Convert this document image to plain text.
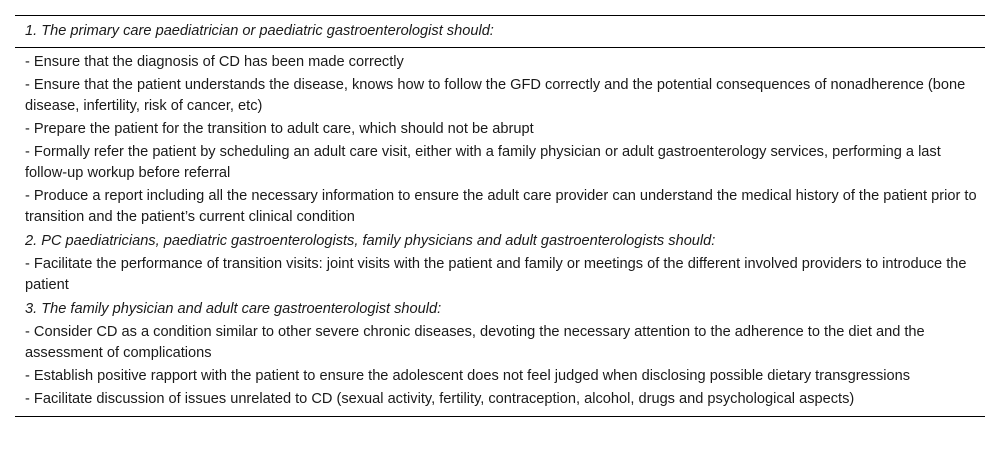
1. The primary care paediatrician or paediatric gastroenterologist should:
- Ensure that the diagnosis of CD has been made correctly
- Ensure that the patient understands the disease, knows how to follow the GFD correctly and the potential consequences of nonadherence (bone disease, infertility, risk of cancer, etc)
- Prepare the patient for the transition to adult care, which should not be abrupt
- Formally refer the patient by scheduling an adult care visit, either with a family physician or adult gastroenterology services, performing a last follow-up workup before referral
- Produce a report including all the necessary information to ensure the adult care provider can understand the medical history of the patient prior to transition and the patient’s current clinical condition
2. PC paediatricians, paediatric gastroenterologists, family physicians and adult gastroenterologists should:
- Facilitate the performance of transition visits: joint visits with the patient and family or meetings of the different involved providers to introduce the patient
3. The family physician and adult care gastroenterologist should:
- Consider CD as a condition similar to other severe chronic diseases, devoting the necessary attention to the adherence to the diet and the assessment of complications
- Establish positive rapport with the patient to ensure the adolescent does not feel judged when disclosing possible dietary transgressions
- Facilitate discussion of issues unrelated to CD (sexual activity, fertility, contraception, alcohol, drugs and psychological aspects)
